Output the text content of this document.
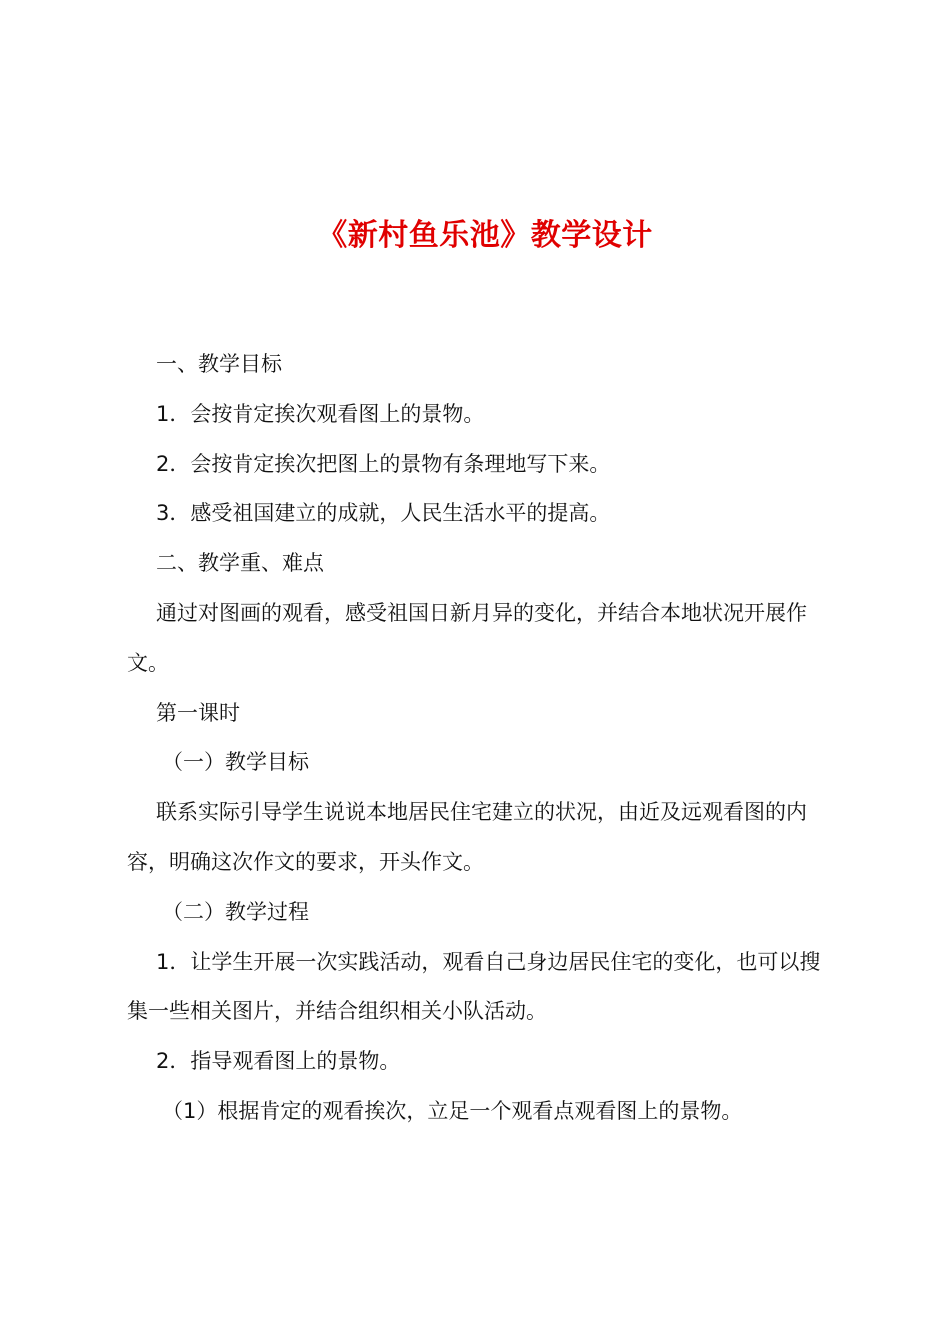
《新村鱼乐池》教学设计

一、教学目标

1．会按肯定挨次观看图上的景物。

2．会按肯定挨次把图上的景物有条理地写下来。

3．感受祖国建立的成就，人民生活水平的提高。

二、教学重、难点

通过对图画的观看，感受祖国日新月异的变化，并结合本地状况开展作文。

第一课时

（一）教学目标

联系实际引导学生说说本地居民住宅建立的状况，由近及远观看图的内容，明确这次作文的要求，开头作文。

（二）教学过程

1．让学生开展一次实践活动，观看自己身边居民住宅的变化，也可以搜集一些相关图片，并结合组织相关小队活动。

2．指导观看图上的景物。

（1）根据肯定的观看挨次，立足一个观看点观看图上的景物。
